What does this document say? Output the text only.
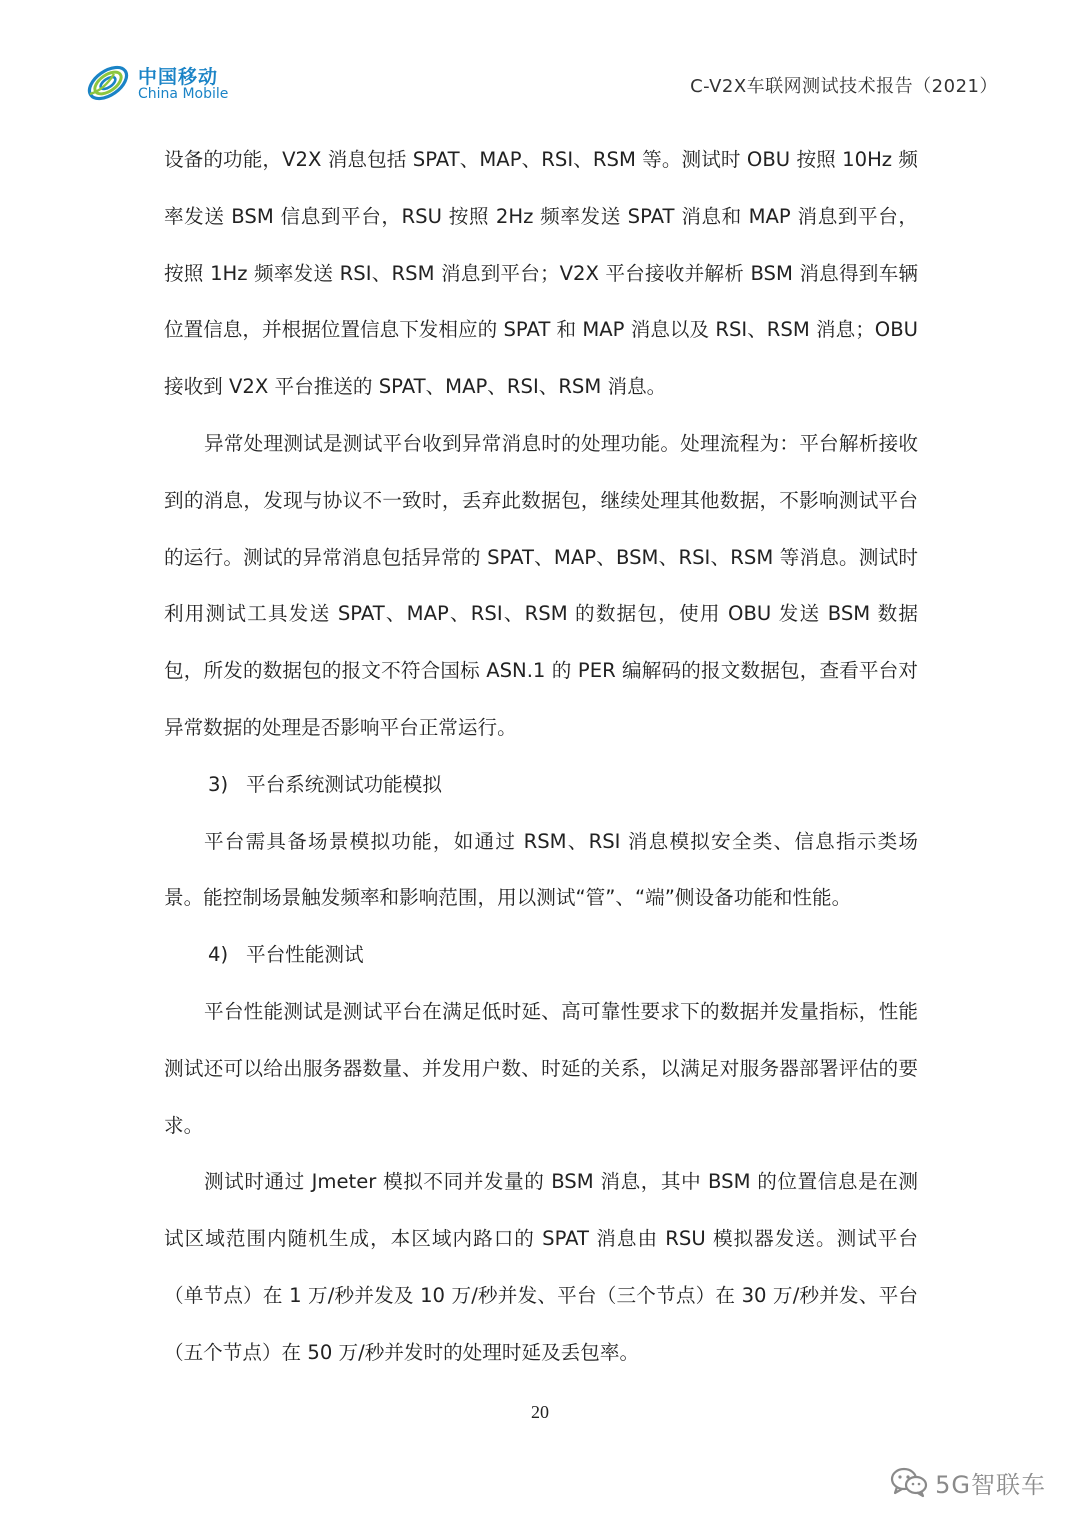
中国移动
China Mobile	C-V2X车联网测试技术报告（2021）

设备的功能，V2X 消息包括 SPAT、MAP、RSI、RSM 等。测试时 OBU 按照 10Hz 频率发送 BSM 信息到平台，RSU 按照 2Hz 频率发送 SPAT 消息和 MAP 消息到平台，按照 1Hz 频率发送 RSI、RSM 消息到平台；V2X 平台接收并解析 BSM 消息得到车辆位置信息，并根据位置信息下发相应的 SPAT 和 MAP 消息以及 RSI、RSM 消息；OBU 接收到 V2X 平台推送的 SPAT、MAP、RSI、RSM 消息。

异常处理测试是测试平台收到异常消息时的处理功能。处理流程为：平台解析接收到的消息，发现与协议不一致时，丢弃此数据包，继续处理其他数据，不影响测试平台的运行。测试的异常消息包括异常的 SPAT、MAP、BSM、RSI、RSM 等消息。测试时利用测试工具发送 SPAT、MAP、RSI、RSM 的数据包，使用 OBU 发送 BSM 数据包，所发的数据包的报文不符合国标 ASN.1 的 PER 编解码的报文数据包，查看平台对异常数据的处理是否影响平台正常运行。

3) 平台系统测试功能模拟

平台需具备场景模拟功能，如通过 RSM、RSI 消息模拟安全类、信息指示类场景。能控制场景触发频率和影响范围，用以测试“管”、“端”侧设备功能和性能。

4) 平台性能测试

平台性能测试是测试平台在满足低时延、高可靠性要求下的数据并发量指标，性能测试还可以给出服务器数量、并发用户数、时延的关系，以满足对服务器部署评估的要求。

测试时通过 Jmeter 模拟不同并发量的 BSM 消息，其中 BSM 的位置信息是在测试区域范围内随机生成，本区域内路口的 SPAT 消息由 RSU 模拟器发送。测试平台（单节点）在 1 万/秒并发及 10 万/秒并发、平台（三个节点）在 30 万/秒并发、平台（五个节点）在 50 万/秒并发时的处理时延及丢包率。

20
5G智联车
